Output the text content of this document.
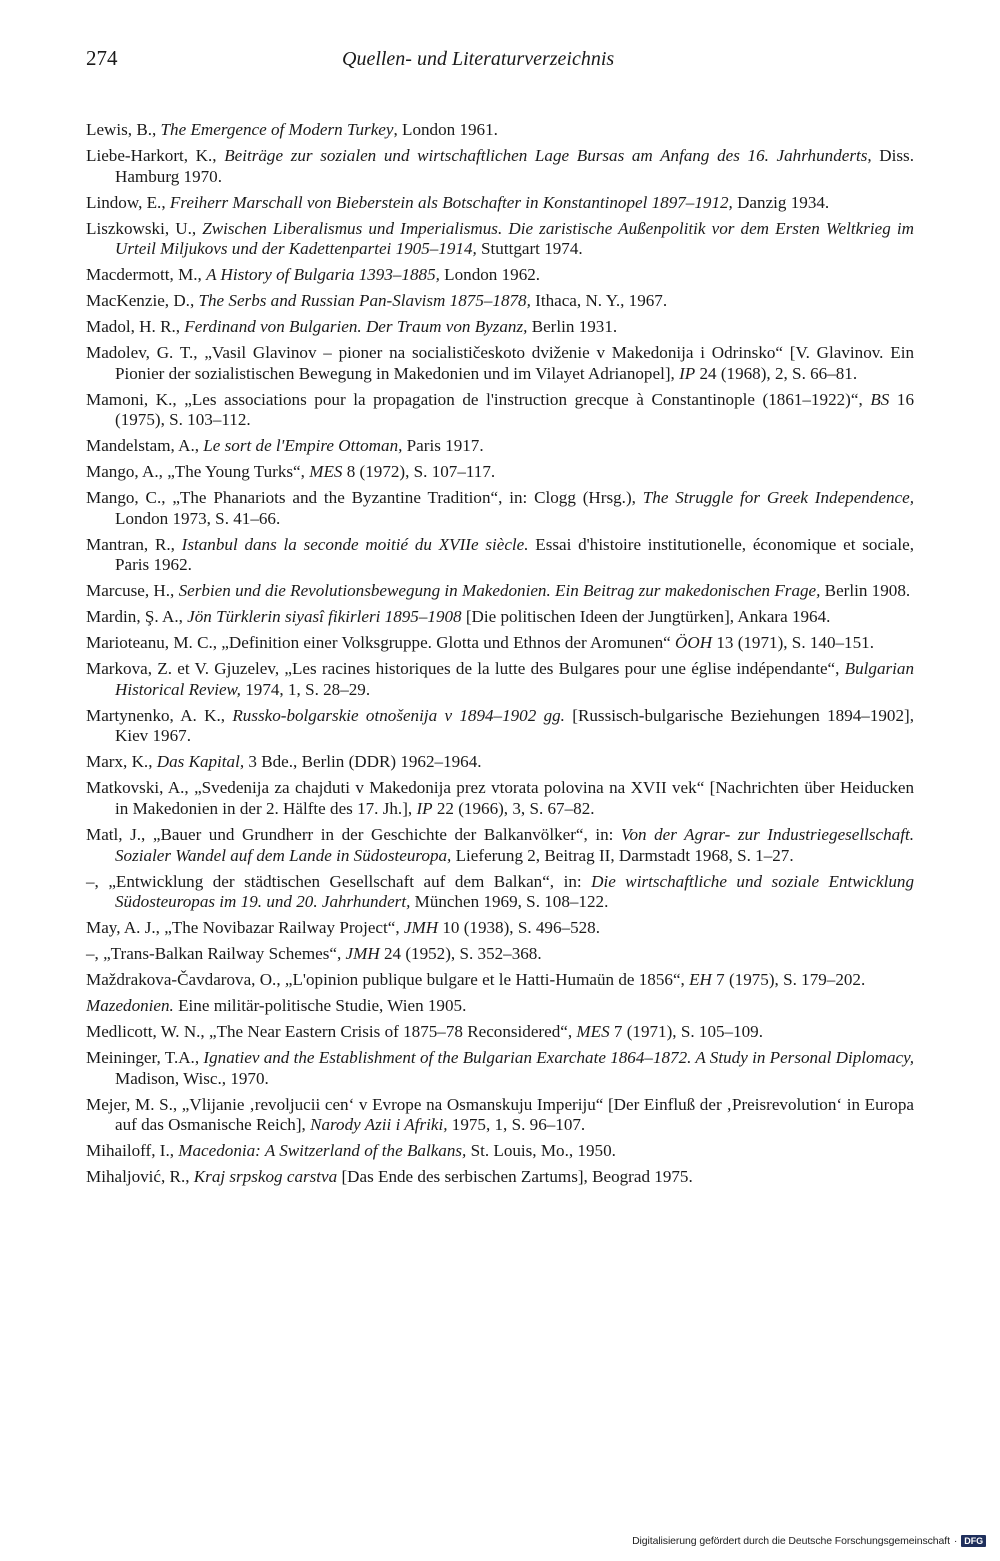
274	Quellen- und Literaturverzeichnis

Lewis, B., The Emergence of Modern Turkey, London 1961.

Liebe-Harkort, K., Beiträge zur sozialen und wirtschaftlichen Lage Bursas am Anfang des 16. Jahrhunderts, Diss. Hamburg 1970.

Lindow, E., Freiherr Marschall von Bieberstein als Botschafter in Konstantinopel 1897–1912, Danzig 1934.

Liszkowski, U., Zwischen Liberalismus und Imperialismus. Die zaristische Außenpolitik vor dem Ersten Weltkrieg im Urteil Miljukovs und der Kadettenpartei 1905–1914, Stuttgart 1974.

Macdermott, M., A History of Bulgaria 1393–1885, London 1962.

MacKenzie, D., The Serbs and Russian Pan-Slavism 1875–1878, Ithaca, N. Y., 1967.

Madol, H. R., Ferdinand von Bulgarien. Der Traum von Byzanz, Berlin 1931.

Madolev, G. T., „Vasil Glavinov – pioner na socialističeskoto dviženie v Makedonija i Odrinsko“ [V. Glavinov. Ein Pionier der sozialistischen Bewegung in Makedonien und im Vilayet Adrianopel], IP 24 (1968), 2, S. 66–81.

Mamoni, K., „Les associations pour la propagation de l'instruction grecque à Constantinople (1861–1922)“, BS 16 (1975), S. 103–112.

Mandelstam, A., Le sort de l'Empire Ottoman, Paris 1917.

Mango, A., „The Young Turks“, MES 8 (1972), S. 107–117.

Mango, C., „The Phanariots and the Byzantine Tradition“, in: Clogg (Hrsg.), The Struggle for Greek Independence, London 1973, S. 41–66.

Mantran, R., Istanbul dans la seconde moitié du XVIIe siècle. Essai d'histoire institutionelle, économique et sociale, Paris 1962.

Marcuse, H., Serbien und die Revolutionsbewegung in Makedonien. Ein Beitrag zur makedonischen Frage, Berlin 1908.

Mardin, Ş. A., Jön Türklerin siyasî fikirleri 1895–1908 [Die politischen Ideen der Jungtürken], Ankara 1964.

Marioteanu, M. C., „Definition einer Volksgruppe. Glotta und Ethnos der Aromunen“ ÖOH 13 (1971), S. 140–151.

Markova, Z. et V. Gjuzelev, „Les racines historiques de la lutte des Bulgares pour une église indépendante“, Bulgarian Historical Review, 1974, 1, S. 28–29.

Martynenko, A. K., Russko-bolgarskie otnošenija v 1894–1902 gg. [Russisch-bulgarische Beziehungen 1894–1902], Kiev 1967.

Marx, K., Das Kapital, 3 Bde., Berlin (DDR) 1962–1964.

Matkovski, A., „Svedenija za chajduti v Makedonija prez vtorata polovina na XVII vek“ [Nachrichten über Heiducken in Makedonien in der 2. Hälfte des 17. Jh.], IP 22 (1966), 3, S. 67–82.

Matl, J., „Bauer und Grundherr in der Geschichte der Balkanvölker“, in: Von der Agrar- zur Industriegesellschaft. Sozialer Wandel auf dem Lande in Südosteuropa, Lieferung 2, Beitrag II, Darmstadt 1968, S. 1–27.

–, „Entwicklung der städtischen Gesellschaft auf dem Balkan“, in: Die wirtschaftliche und soziale Entwicklung Südosteuropas im 19. und 20. Jahrhundert, München 1969, S. 108–122.

May, A. J., „The Novibazar Railway Project“, JMH 10 (1938), S. 496–528.

–, „Trans-Balkan Railway Schemes“, JMH 24 (1952), S. 352–368.

Maždrakova-Čavdarova, O., „L'opinion publique bulgare et le Hatti-Humaün de 1856“, EH 7 (1975), S. 179–202.

Mazedonien. Eine militär-politische Studie, Wien 1905.

Medlicott, W. N., „The Near Eastern Crisis of 1875–78 Reconsidered“, MES 7 (1971), S. 105–109.

Meininger, T.A., Ignatiev and the Establishment of the Bulgarian Exarchate 1864–1872. A Study in Personal Diplomacy, Madison, Wisc., 1970.

Mejer, M. S., „Vlijanie ‚revoljucii cen‘ v Evrope na Osmanskuju Imperiju“ [Der Einfluß der ‚Preisrevolution‘ in Europa auf das Osmanische Reich], Narody Azii i Afriki, 1975, 1, S. 96–107.

Mihailoff, I., Macedonia: A Switzerland of the Balkans, St. Louis, Mo., 1950.

Mihaljović, R., Kraj srpskog carstva [Das Ende des serbischen Zartums], Beograd 1975.

Digitalisierung gefördert durch die Deutsche Forschungsgemeinschaft · DFG
